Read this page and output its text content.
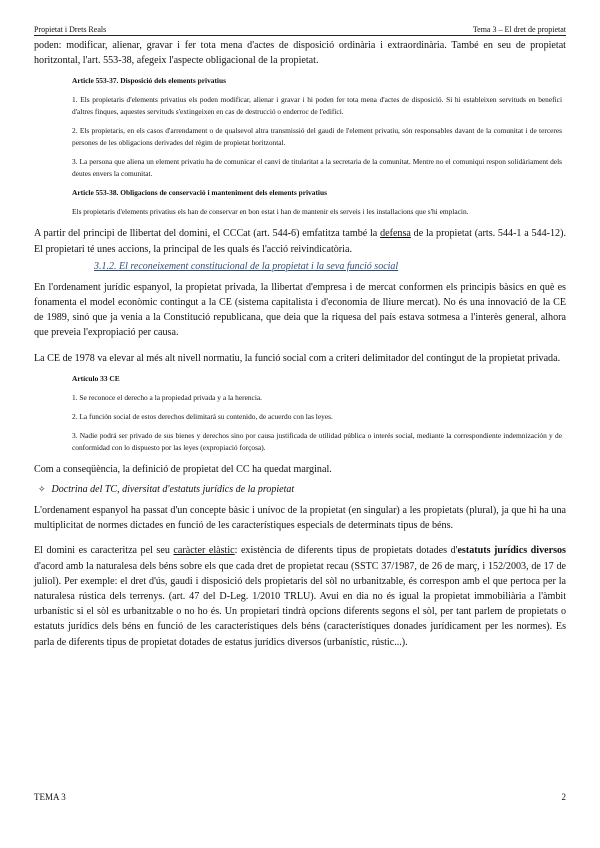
Propietat i Drets Reals	Tema 3 – El dret de propietat

poden: modificar, alienar, gravar i fer tota mena d'actes de disposició ordinària i extraordinària. També en seu de propietat horitzontal, l'art. 553-38, afegeix l'aspecte obligacional de la propietat.

Article 553-37. Disposició dels elements privatius

1. Els propietaris d'elements privatius els poden modificar, alienar i gravar i hi poden fer tota mena d'actes de disposició. Si hi estableixen servituds en benefici d'altres finques, aquestes servituds s'extingeixen en cas de destrucció o enderroc de l'edifici.

2. Els propietaris, en els casos d'arrendament o de qualsevol altra transmissió del gaudi de l'element privatiu, són responsables davant de la comunitat i de terceres persones de les obligacions derivades del règim de propietat horitzontal.

3. La persona que aliena un element privatiu ha de comunicar el canvi de titularitat a la secretaria de la comunitat. Mentre no el comuniqui respon solidàriament dels deutes envers la comunitat.

Article 553-38. Obligacions de conservació i manteniment dels elements privatius

Els propietaris d'elements privatius els han de conservar en bon estat i han de mantenir els serveis i les installacions que s'hi emplacin.

A partir del principi de llibertat del domini, el CCCat (art. 544-6) emfatitza també la defensa de la propietat (arts. 544-1 a 544-12). El propietari té unes accions, la principal de les quals és l'acció reivindicatòria.

3.1.2. El reconeixement constitucional de la propietat i la seva funció social

En l'ordenament jurídic espanyol, la propietat privada, la llibertat d'empresa i de mercat conformen els principis bàsics en què es fonamenta el model econòmic contingut a la CE (sistema capitalista i d'economia de lliure mercat). No és una innovació de la CE de 1989, sinó que ja venia a la Constitució republicana, que deia que la riquesa del país estava sotmesa a l'interès general, alhora que preveia l'expropiació per causa.

La CE de 1978 va elevar al més alt nivell normatiu, la funció social com a criteri delimitador del contingut de la propietat privada.

Artículo 33 CE

1. Se reconoce el derecho a la propiedad privada y a la herencia.

2. La función social de estos derechos delimitará su contenido, de acuerdo con las leyes.

3. Nadie podrá ser privado de sus bienes y derechos sino por causa justificada de utilidad pública o interés social, mediante la correspondiente indemnización y de conformidad con lo dispuesto por las leyes (expropiació forçosa).

Com a conseqüència, la definició de propietat del CC ha quedat marginal.

✧ Doctrina del TC, diversitat d'estatuts jurídics de la propietat

L'ordenament espanyol ha passat d'un concepte bàsic i unívoc de la propietat (en singular) a les propietats (plural), ja que hi ha una multiplicitat de normes dictades en funció de les característiques especials de determinats tipus de béns.

El domini es caracteritza pel seu caràcter elàstic: existència de diferents tipus de propietats dotades d'estatuts jurídics diversos d'acord amb la naturalesa dels béns sobre els que cada dret de propietat recau (SSTC 37/1987, de 26 de març, i 152/2003, de 17 de juliol). Per exemple: el dret d'ús, gaudi i disposició dels propietaris del sòl no urbanitzable, és correspon amb el que pertoca per la naturalesa rústica dels terrenys. (art. 47 del D-Leg. 1/2010 TRLU). Avui en dia no és igual la propietat immobiliària a l'àmbit urbanístic si el sòl es urbanitzable o no ho és. Un propietari tindrà opcions diferents segons el sòl, per tant parlem de propietats o estatuts jurídics dels béns en funció de les característiques dels béns (característiques donades jurídicament per les normes). Es parla de diferents tipus de propietat dotades de estatus jurídics diversos (urbanístic, rústic...).

TEMA 3	2
